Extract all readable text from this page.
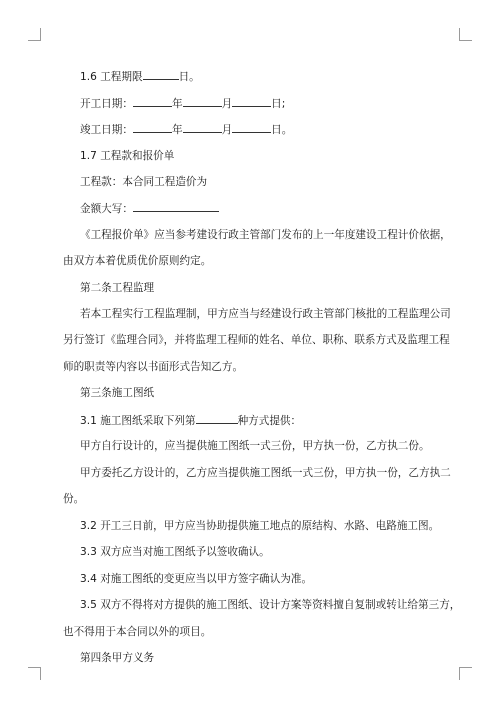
1.6 工程期限	日。
开工日期：	年	月	日;
竣工日期：	年	月	日。
1.7 工程款和报价单
工程款：本合同工程造价为
金额大写：
《工程报价单》应当参考建设行政主管部门发布的上一年度建设工程计价依据，
由双方本着优质优价原则约定。
第二条工程监理
若本工程实行工程监理制，甲方应当与经建设行政主管部门核批的工程监理公司
另行签订《监理合同》，并将监理工程师的姓名、单位、职称、联系方式及监理工程
师的职责等内容以书面形式告知乙方。
第三条施工图纸
3.1 施工图纸采取下列第	种方式提供：
甲方自行设计的，应当提供施工图纸一式三份，甲方执一份，乙方执二份。
甲方委托乙方设计的，乙方应当提供施工图纸一式三份，甲方执一份，乙方执二
份。
3.2 开工三日前，甲方应当协助提供施工地点的原结构、水路、电路施工图。
3.3 双方应当对施工图纸予以签收确认。
3.4 对施工图纸的变更应当以甲方签字确认为准。
3.5 双方不得将对方提供的施工图纸、设计方案等资料擅自复制或转让给第三方，
也不得用于本合同以外的项目。
第四条甲方义务
